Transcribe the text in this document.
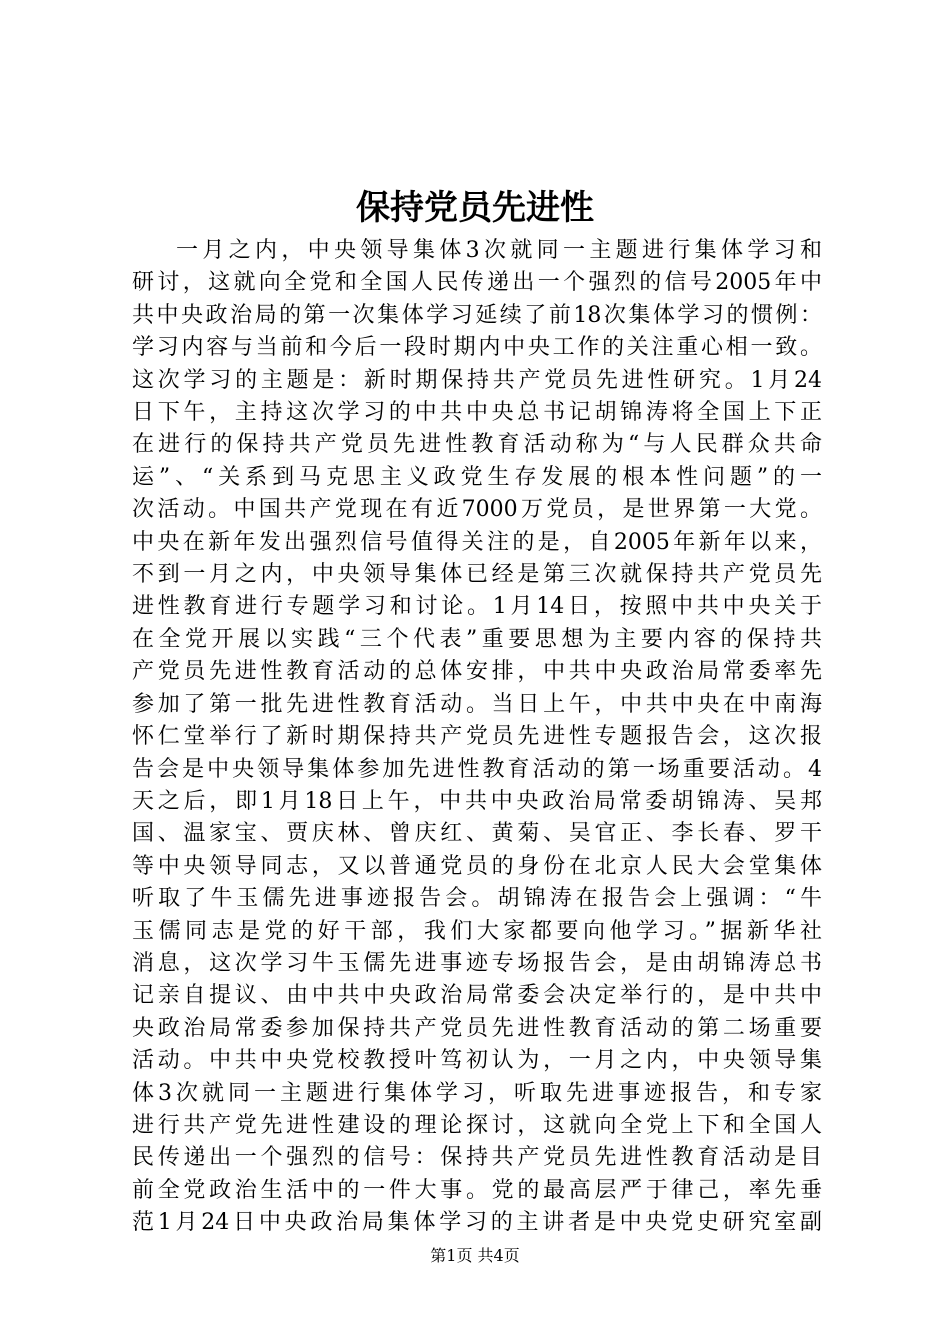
保持党员先进性
一月之内，中央领导集体3次就同一主题进行集体学习和
研讨，这就向全党和全国人民传递出一个强烈的信号2005年中
共中央政治局的第一次集体学习延续了前18次集体学习的惯例：
学习内容与当前和今后一段时期内中央工作的关注重心相一致。
这次学习的主题是：新时期保持共产党员先进性研究。1月24
日下午，主持这次学习的中共中央总书记胡锦涛将全国上下正
在进行的保持共产党员先进性教育活动称为“与人民群众共命
运”、“关系到马克思主义政党生存发展的根本性问题”的一
次活动。中国共产党现在有近7000万党员，是世界第一大党。
中央在新年发出强烈信号值得关注的是，自2005年新年以来，
不到一月之内，中央领导集体已经是第三次就保持共产党员先
进性教育进行专题学习和讨论。1月14日，按照中共中央关于
在全党开展以实践“三个代表”重要思想为主要内容的保持共
产党员先进性教育活动的总体安排，中共中央政治局常委率先
参加了第一批先进性教育活动。当日上午，中共中央在中南海
怀仁堂举行了新时期保持共产党员先进性专题报告会，这次报
告会是中央领导集体参加先进性教育活动的第一场重要活动。4
天之后，即1月18日上午，中共中央政治局常委胡锦涛、吴邦
国、温家宝、贾庆林、曾庆红、黄菊、吴官正、李长春、罗干
等中央领导同志，又以普通党员的身份在北京人民大会堂集体
听取了牛玉儒先进事迹报告会。胡锦涛在报告会上强调：“牛
玉儒同志是党的好干部，我们大家都要向他学习。”据新华社
消息，这次学习牛玉儒先进事迹专场报告会，是由胡锦涛总书
记亲自提议、由中共中央政治局常委会决定举行的，是中共中
央政治局常委参加保持共产党员先进性教育活动的第二场重要
活动。中共中央党校教授叶笃初认为，一月之内，中央领导集
体3次就同一主题进行集体学习，听取先进事迹报告，和专家
进行共产党先进性建设的理论探讨，这就向全党上下和全国人
民传递出一个强烈的信号：保持共产党员先进性教育活动是目
前全党政治生活中的一件大事。党的最高层严于律己，率先垂
范1月24日中央政治局集体学习的主讲者是中央党史研究室副
第1页 共4页
